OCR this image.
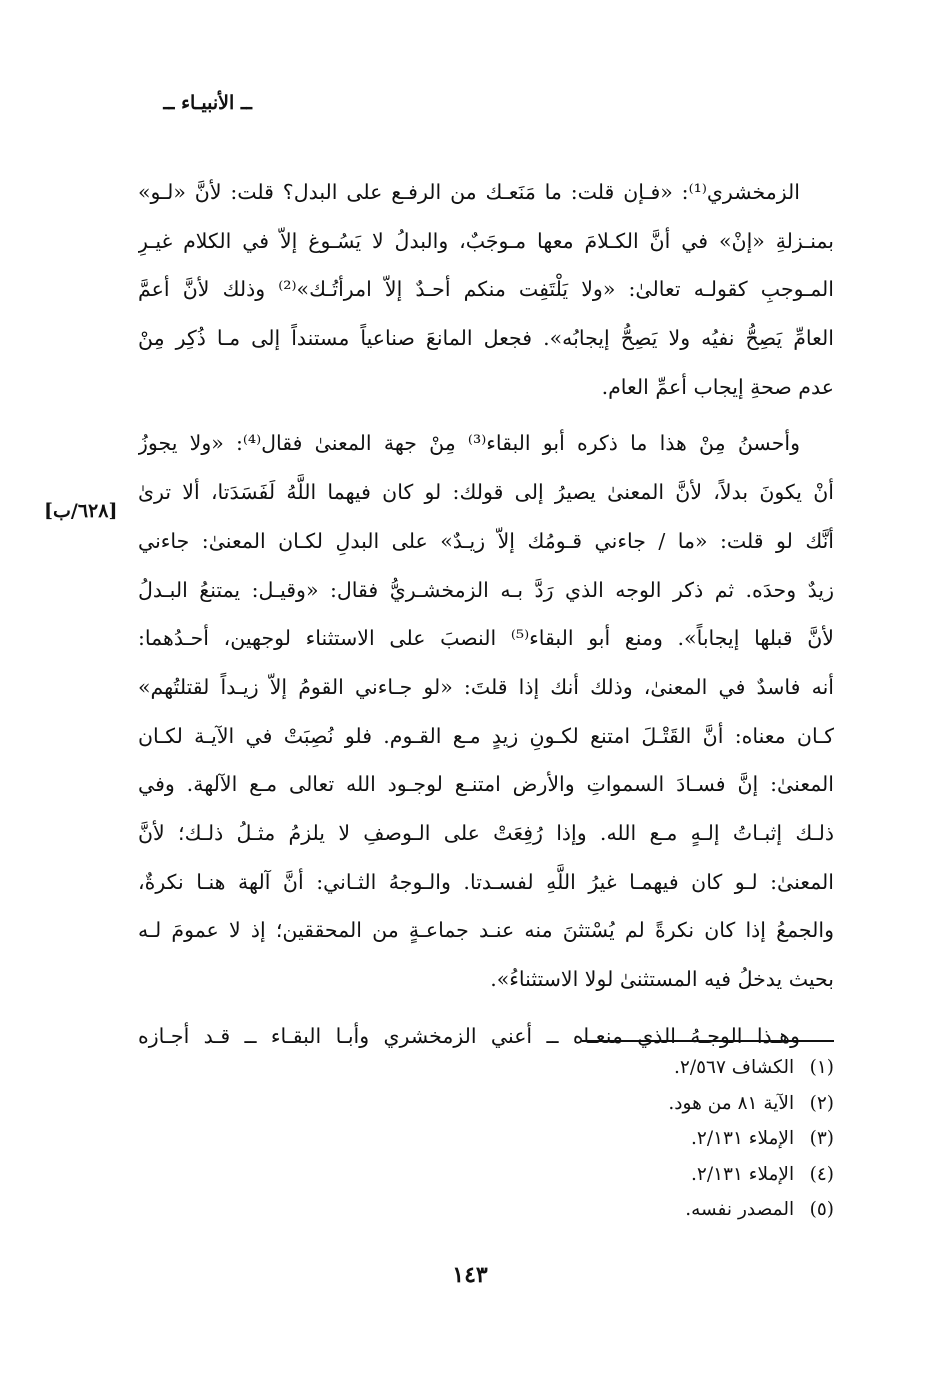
ــ الأنبيـاء ــ
[٦٢٨/ب]
الزمخشري⁽¹⁾: «فـإن قلت: ما مَنَعـك من الرفـع على البدل؟ قلت: لأنَّ «لـو»
بمنـزلةِ «إنْ» في أنَّ الكـلامَ معها مـوجَبٌ، والبدلُ لا يَسُـوغ إلاّ في الكلام غيـرِ
المـوجبِ كقولـه تعالىٰ: «ولا يَلْتَفِت منكم أحـدٌ إلاّ امرأتُـك»⁽²⁾ وذلك لأنَّ أعمَّ
العامِّ يَصِحُّ نفيُه ولا يَصِحُّ إيجابُه». فجعل المانعَ صناعياً مستنداً إلى مـا ذُكِر مِنْ
عدم صحةِ إيجاب أعمِّ العام.
وأحسنُ مِنْ هذا ما ذكره أبو البقاء⁽³⁾ مِنْ جهة المعنىٰ فقال⁽⁴⁾: «ولا يجوزُ
أنْ يكونَ بدلاً، لأنَّ المعنىٰ يصيرُ إلى قولك: لو كان فيهما اللَّهُ لَفَسَدَتا، ألا ترىٰ
أنَّك لو قلت: «ما / جاءني قـومُك إلاّ زيـدٌ» على البدلِ لكـان المعنىٰ: جاءني
زيدٌ وحدَه. ثم ذكر الوجه الذي رَدَّ بـه الزمخشـريُّ فقال: «وقيـل: يمتنعُ البـدلُ
لأنَّ قبلها إيجاباً». ومنع أبو البقاء⁽⁵⁾ النصبَ على الاستثناء لوجهين، أحـدُهما:
أنه فاسدٌ في المعنىٰ، وذلك أنك إذا قلتَ: «لو جـاءني القومُ إلاّ زيـداً لقتلتُهم»
كـان معناه: أنَّ القَتْـلَ امتنع لكـونِ زيدٍ مـع القـوم. فلو نُصِبَتْ في الآيـة لكـان
المعنىٰ: إنَّ فسـادَ السمواتِ والأرض امتنـع لوجـود الله تعالى مـع الآلهة. وفي
ذلـك إثبـاتُ إلـهٍ مـع الله. وإذا رُفِعَتْ على الـوصفِ لا يلزمُ مثـلُ ذلـك؛ لأنَّ
المعنىٰ: لـو كان فيهمـا غيرُ اللَّهِ لفسـدتا. والـوجهُ الثـاني: أنَّ آلهة هنـا نكرةٌ،
والجمعُ إذا كان نكرةً لم يُسْتثنَ منه عنـد جماعـةٍ من المحققين؛ إذ لا عمومَ لـه
بحيث يدخلُ فيه المستثنىٰ لولا الاستثناءُ».
وهـذا الوجـهُ الذي منعـاه ــ أعني الزمخشري وأبـا البقـاء ــ قـد أجـازه
(١) الكشاف ٢/٥٦٧.
(٢) الآية ٨١ من هود.
(٣) الإملاء ٢/١٣١.
(٤) الإملاء ٢/١٣١.
(٥) المصدر نفسه.
١٤٣
